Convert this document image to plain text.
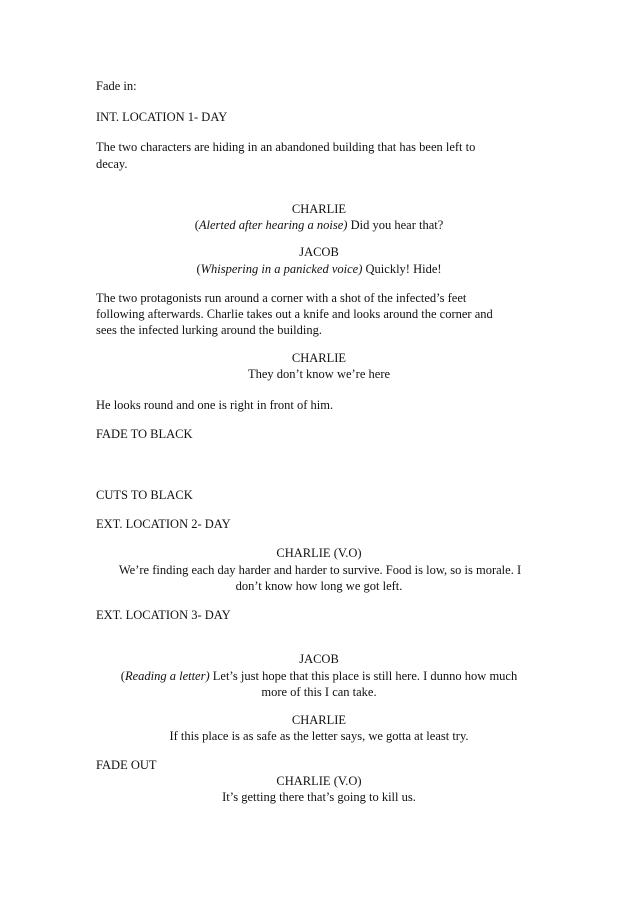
Fade in:
INT. LOCATION 1- DAY
The two characters are hiding in an abandoned building that has been left to
decay.
CHARLIE
(Alerted after hearing a noise) Did you hear that?
JACOB
(Whispering in a panicked voice) Quickly! Hide!
The two protagonists run around a corner with a shot of the infected’s feet
following afterwards. Charlie takes out a knife and looks around the corner and
sees the infected lurking around the building.
CHARLIE
They don’t know we’re here
He looks round and one is right in front of him.
FADE TO BLACK
CUTS TO BLACK
EXT. LOCATION 2- DAY
CHARLIE (V.O)
We’re finding each day harder and harder to survive. Food is low, so is morale. I
don’t know how long we got left.
EXT. LOCATION 3- DAY
JACOB
(Reading a letter) Let’s just hope that this place is still here. I dunno how much
more of this I can take.
CHARLIE
If this place is as safe as the letter says, we gotta at least try.
FADE OUT
CHARLIE (V.O)
It’s getting there that’s going to kill us.
